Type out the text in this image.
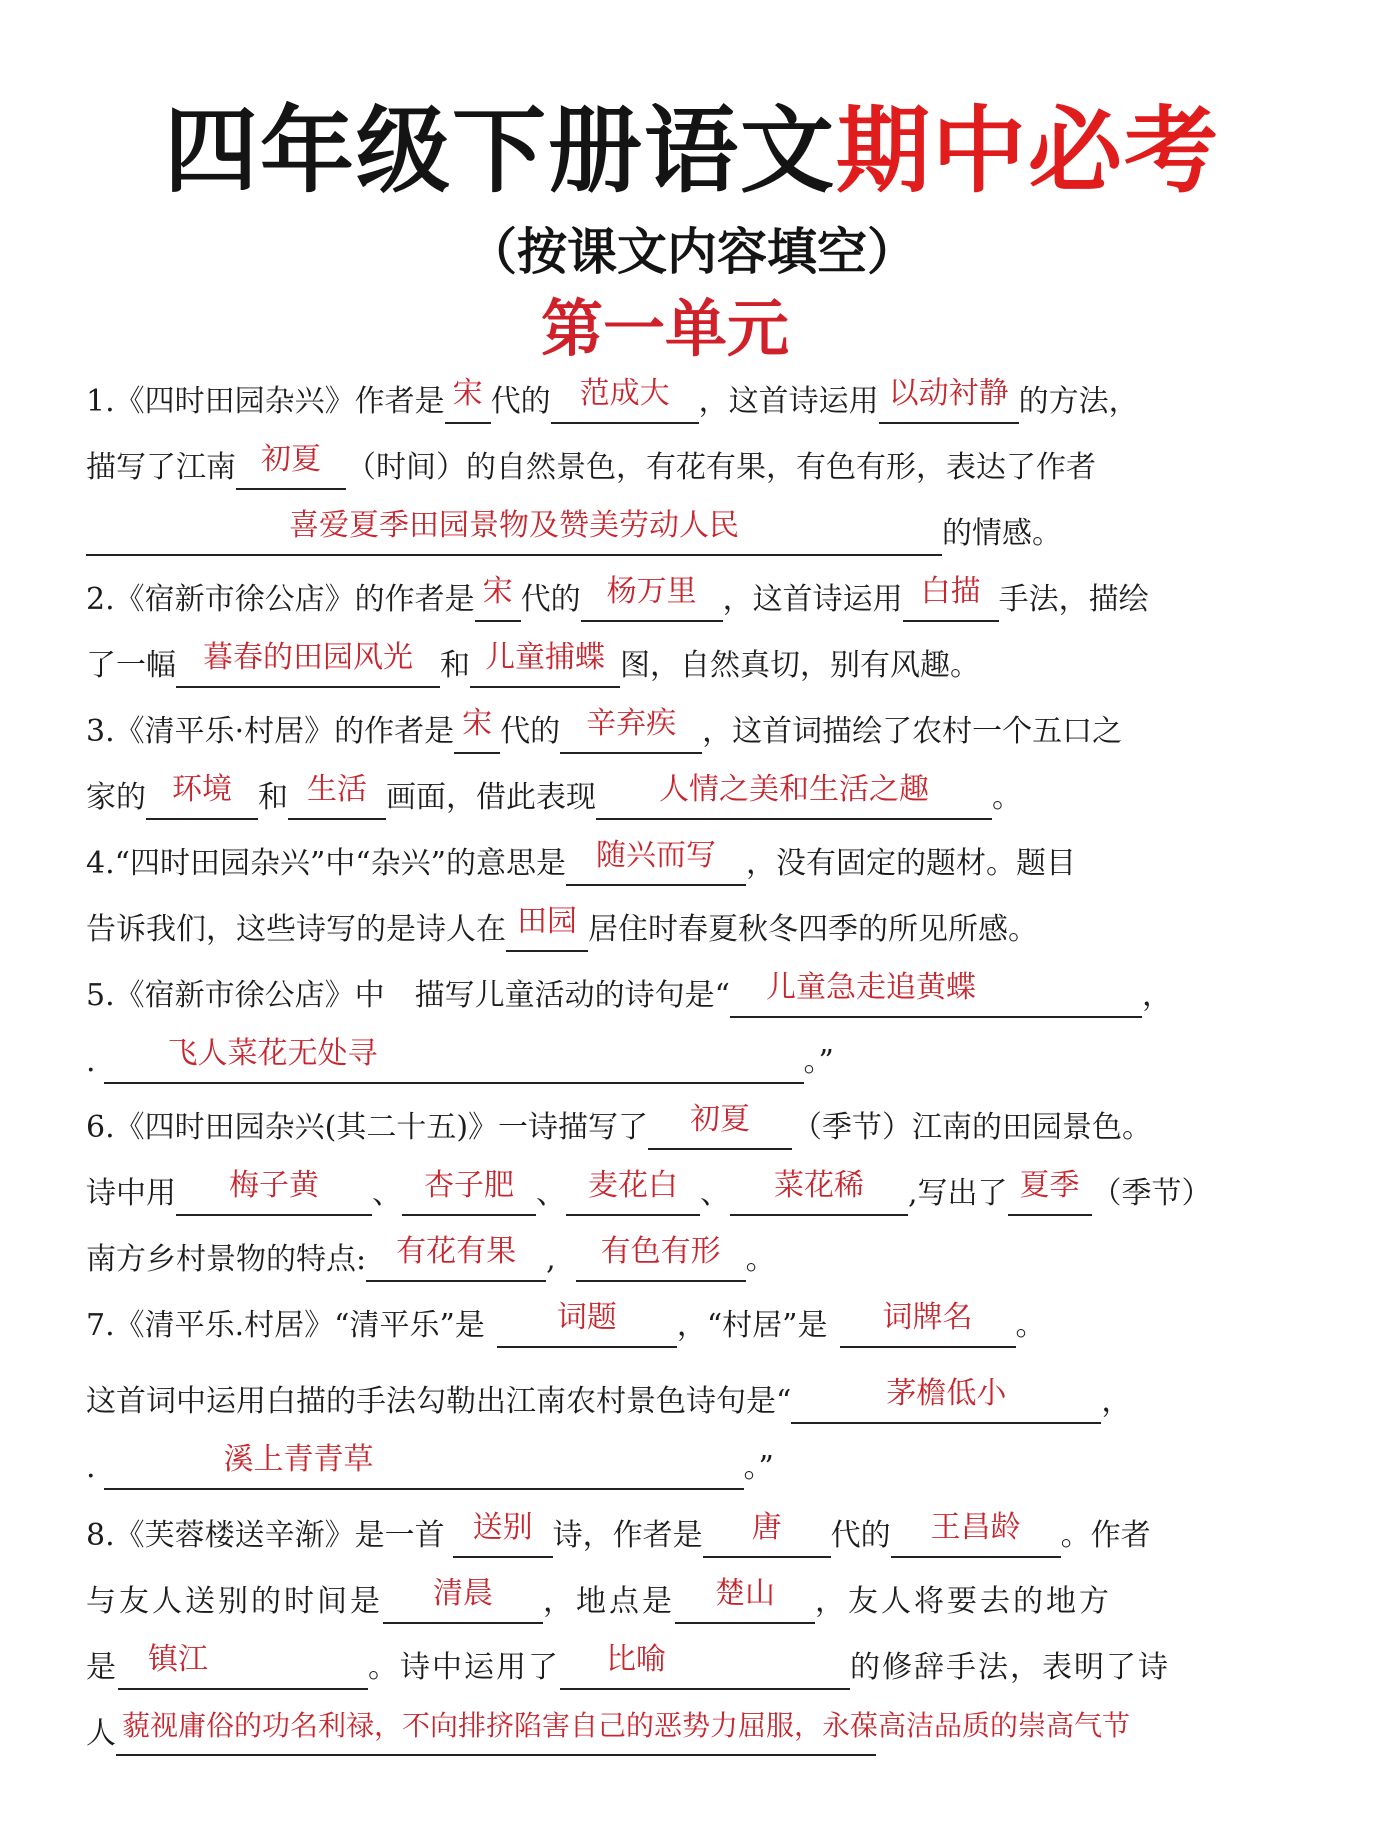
四年级下册语文期中必考
（按课文内容填空）
第一单元
1.《四时田园杂兴》作者是 宋 代的 范成大 ，这首诗运用 以动衬静 的方法，
描写了江南 初夏 （时间）的自然景色，有花有果，有色有形，表达了作者
喜爱夏季田园景物及赞美劳动人民	的情感。
2.《宿新市徐公店》的作者是 宋 代的 杨万里 ，这首诗运用 白描 手法，描绘
了一幅 暮春的田园风光 和 儿童捕蝶 图，自然真切，别有风趣。
3.《清平乐·村居》的作者是 宋 代的 辛弃疾 ，这首词描绘了农村一个五口之
家的 环境 和 生活 画面，借此表现 人情之美和生活之趣 。
4.“四时田园杂兴”中“杂兴”的意思是 随兴而写 ，没有固定的题材。题目
告诉我们，这些诗写的是诗人在 田园 居住时春夏秋冬四季的所见所感。
5.《宿新市徐公店》中　描写儿童活动的诗句是“ 儿童急走追黄蝶	，
. 飞人菜花无处寻	。”
6.《四时田园杂兴(其二十五)》一诗描写了 初夏 （季节）江南的田园景色。
诗中用 梅子黄 、 杏子肥 、 麦花白 、 菜花稀 ,写出了 夏季 （季节）
南方乡村景物的特点: 有花有果 , 有色有形 。
7.《清平乐.村居》“清平乐”是 词题 ，“村居”是 词牌名 。
这首词中运用白描的手法勾勒出江南农村景色诗句是“	茅檐低小	，
.	溪上青青草	。”
8.《芙蓉楼送辛渐》是一首 送别 诗，作者是 唐 代的 王昌龄 。作者
与友人送别的时间是 清晨 ，地点是 楚山 ，友人将要去的地方
是 镇江	。诗中运用了 比喻	的修辞手法，表明了诗
人 藐视庸俗的功名利禄，不向排挤陷害自己的恶势力屈服，永葆高洁品质的崇高气节
